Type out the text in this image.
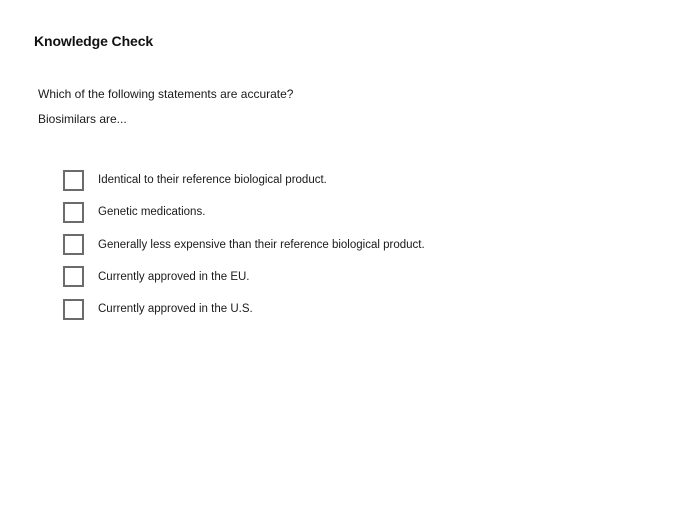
Knowledge Check
Which of the following statements are accurate?
Biosimilars are...
Identical to their reference biological product.
Genetic medications.
Generally less expensive than their reference biological product.
Currently approved in the EU.
Currently approved in the U.S.
